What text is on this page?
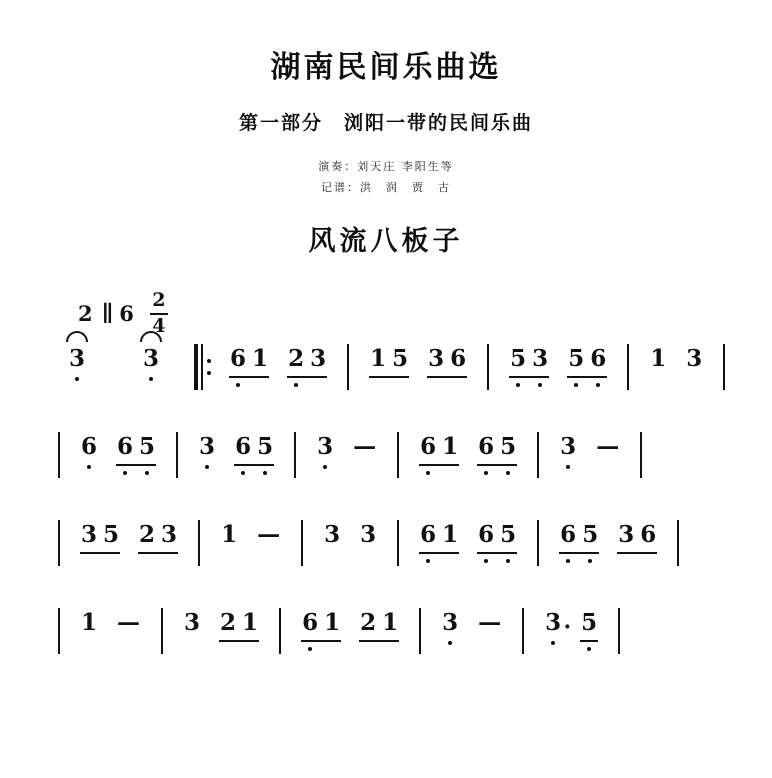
湖南民间乐曲选
第一部分　浏阳一带的民间乐曲
演奏：刘天庄 李阳生等
记谱：洪　润　贾　古
风流八板子
2 ∥ $6 \frac{2}{4}$
3	3	6 1 2 3 1 5 3 6 5 3 5 6 1 3
6 6 5 3 6 5 3 — 6 1 6 5 3 —
3 5 2 3 1 — 3 3 6 1 6 5 6 5 3 6
1 — 3 2 1 6 1 2 1 3 — 3 · 5
